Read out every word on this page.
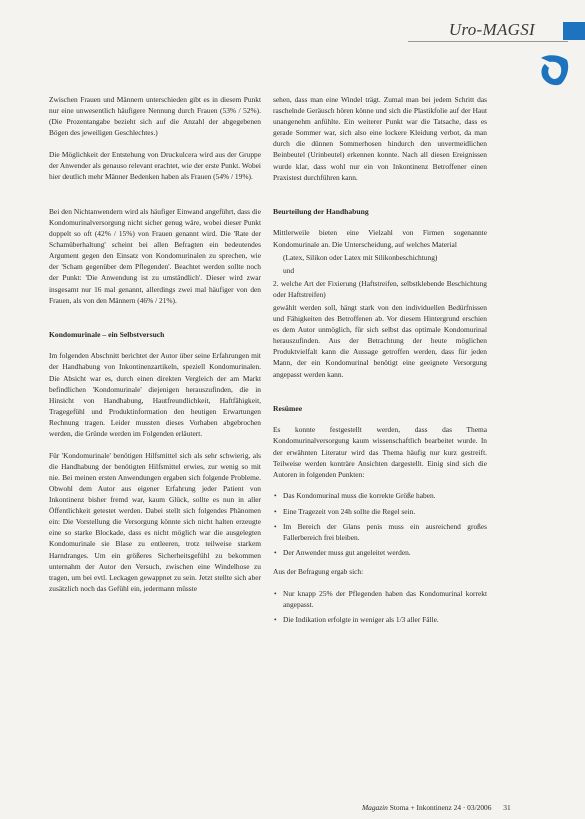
Uro-MAGSI

Zwischen Frauen und Männern unterschieden gibt es in diesem Punkt nur eine unwesentlich häufigere Nennung durch Frauen (53% / 52%). (Die Prozentangabe bezieht sich auf die Anzahl der abgegebenen Bögen des jeweiligen Geschlechtes.)

Die Möglichkeit der Entstehung von Druckulcera wird aus der Gruppe der Anwender als genauso relevant erachtet, wie der erste Punkt. Wobei hier deutlich mehr Männer Bedenken haben als Frauen (54% / 19%).

Bei den Nichtanwendern wird als häufiger Einwand angeführt, dass die Kondomurinalversorgung nicht sicher genug wäre, wobei dieser Punkt doppelt so oft (42% / 15%) von Frauen genannt wird. Die 'Rate der Schamüberhaltung' scheint bei allen Befragten ein bedeutendes Argument gegen den Einsatz von Kondomurinalen zu sprechen, wie der 'Scham gegenüber dem Pflegenden'. Beachtet werden sollte noch der Punkt: 'Die Anwendung ist zu umständlich'. Dieser wird zwar insgesamt nur 16 mal genannt, allerdings zwei mal häufiger von den Frauen, als von den Männern (46% / 21%).

Kondomurinale – ein Selbstversuch

Im folgenden Abschnitt berichtet der Autor über seine Erfahrungen mit der Handhabung von Inkontinenzartikeln, speziell Kondomurinalen. Die Absicht war es, durch einen direkten Vergleich der am Markt befindlichen 'Kondomurinale' diejenigen herauszufinden, die in Hinsicht von Handhabung, Hautfreundlichkeit, Haftfähigkeit, Tragegefühl und Produktinformation den heutigen Erwartungen Rechnung tragen. Leider mussten dieses Vorhaben abgebrochen werden, die Gründe werden im Folgenden erläutert.

Für 'Kondomurinale' benötigen Hilfsmittel sich als sehr schwierig, als die Handhabung der benötigten Hilfsmittel erwies, zur wenig so mit nie. Bei meinen ersten Anwendungen ergaben sich folgende Probleme. Obwohl dem Autor aus eigener Erfahrung jeder Patient von Inkontinenz bisher fremd war, kaum Glück, sollte es nun in aller Öffentlichkeit getestet werden. Dabei stellt sich folgendes Phänomen ein: Die Vorstellung die Versorgung könnte sich nicht halten erzeugte eine so starke Blockade, dass es nicht möglich war die ausgelegten Kondomurinale sie Blase zu entleeren, trotz teilweise starkem Harndranges. Um ein größeres Sicherheitsgefühl zu bekommen unternahm der Autor den Versuch, zwischen eine Windelhose zu tragen, um bei evtl. Leckagen gewappnet zu sein. Jetzt stellte sich aber zusätzlich noch das Gefühl ein, jedermann müsste

sehen, dass man eine Windel trägt. Zumal man bei jedem Schritt das raschelnde Geräusch hören könne und sich die Plastikfolie auf der Haut unangenehm anfühlte. Ein weiterer Punkt war die Tatsache, dass es gerade Sommer war, sich also eine lockere Kleidung verbot, da man durch die dünnen Sommerhosen hindurch den unvermeidlichen Beinbeutel (Urinbeutel) erkennen konnte. Nach all diesen Ereignissen wurde klar, dass wohl nur ein von Inkontinenz Betroffener einen Praxistest durchführen kann.

Beurteilung der Handhabung

Mittlerweile bieten eine Vielzahl von Firmen sogenannte Kondomurinale an. Die Unterscheidung, auf welches Material

(Latex, Silikon oder Latex mit Silikonbeschichtung)

und

2. welche Art der Fixierung (Haftstreifen, selbstklebende Beschichtung oder Haftstreifen)

gewählt werden soll, hängt stark von den individuellen Bedürfnissen und Fähigkeiten des Betroffenen ab. Vor diesem Hintergrund erschien es dem Autor unmöglich, für sich selbst das optimale Kondomurinal herauszufinden. Aus der Betrachtung der heute möglichen Produktvielfalt kann die Aussage getroffen werden, dass für jeden Mann, der ein Kondomurinal benötigt eine geeignete Versorgung angepasst werden kann.

Resümee

Es konnte festgestellt werden, dass das Thema Kondomurinalversorgung kaum wissenschaftlich bearbeitet wurde. In der erwähnten Literatur wird das Thema häufig nur kurz gestreift. Teilweise werden konträre Ansichten dargestellt. Einig sind sich die Autoren in folgenden Punkten:

• Das Kondomurinal muss die korrekte Größe haben.
• Eine Tragezeit von 24h sollte die Regel sein.
• Im Bereich der Glans penis muss ein ausreichend großes Fallerbereich frei bleiben.
• Der Anwender muss gut angeleitet werden.

Aus der Befragung ergab sich:

• Nur knapp 25% der Pflegenden haben das Kondomurinal korrekt angepasst.
• Die Indikation erfolgte in weniger als 1/3 aller Fälle.
Magazin Stoma + Inkontinenz 24 · 03/2006 31
